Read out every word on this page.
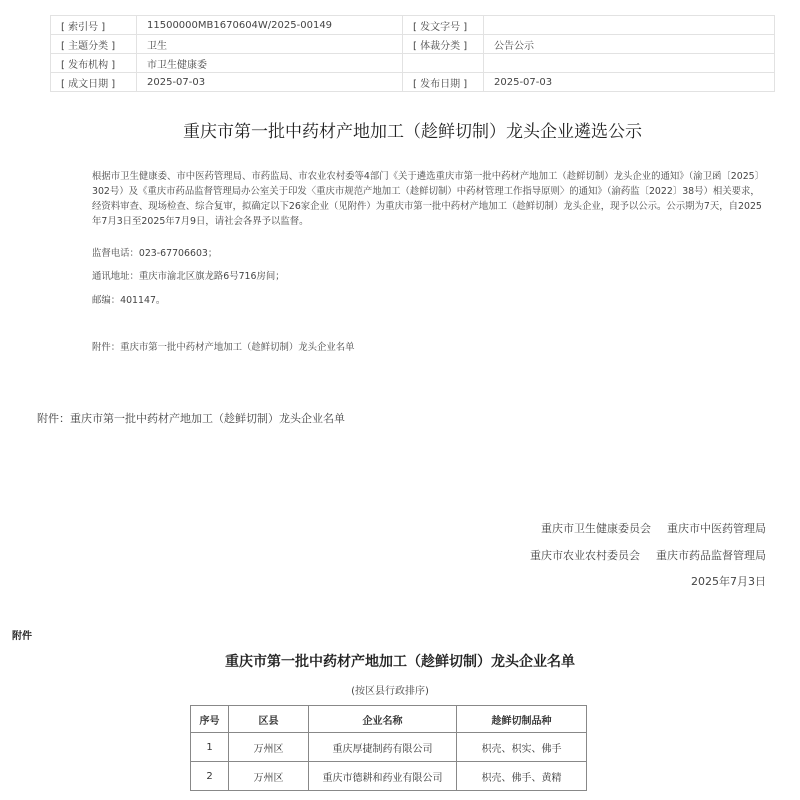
[ 索引号 ]	11500000MB1670604W/2025-00149	[ 发文字号 ]	
[ 主题分类 ]	卫生	[ 体裁分类 ]	公告公示
[ 发布机构 ]	市卫生健康委		
[ 成文日期 ]	2025-07-03	[ 发布日期 ]	2025-07-03
重庆市第一批中药材产地加工（趁鲜切制）龙头企业遴选公示
根据市卫生健康委、市中医药管理局、市药监局、市农业农村委等4部门《关于遴选重庆市第一批中药材产地加工（趁鲜切制）龙头企业的通知》（渝卫函〔2025〕302号）及《重庆市药品监督管理局办公室关于印发〈重庆市规范产地加工（趁鲜切制）中药材管理工作指导原则〉的通知》（渝药监〔2022〕38号）相关要求，经资料审查、现场检查、综合复审，拟确定以下26家企业（见附件）为重庆市第一批中药材产地加工（趁鲜切制）龙头企业，现予以公示。公示期为7天，自2025年7月3日至2025年7月9日，请社会各界予以监督。
监督电话：023-67706603；
通讯地址：重庆市渝北区旗龙路6号716房间；
邮编：401147。
附件：重庆市第一批中药材产地加工（趁鲜切制）龙头企业名单
附件：重庆市第一批中药材产地加工（趁鲜切制）龙头企业名单
重庆市卫生健康委员会 重庆市中医药管理局
重庆市农业农村委员会 重庆市药品监督管理局
2025年7月3日
附件
重庆市第一批中药材产地加工（趁鲜切制）龙头企业名单
(按区县行政排序)
序号	区县	企业名称	趁鲜切制品种
1	万州区	重庆厚捷制药有限公司	枳壳、枳实、佛手
2	万州区	重庆市德耕和药业有限公司	枳壳、佛手、黄精
